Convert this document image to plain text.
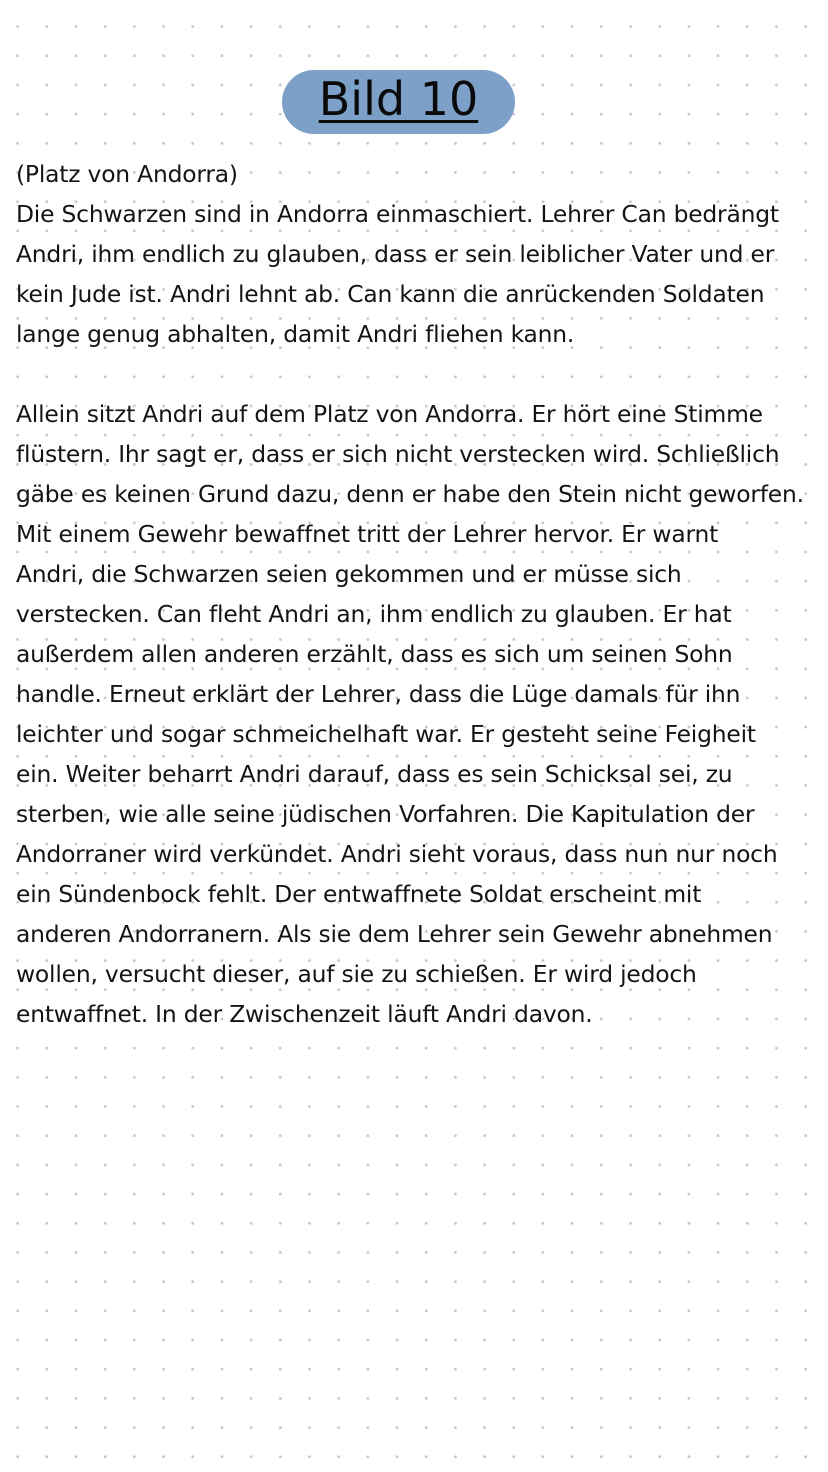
Bild 10
(Platz von Andorra)
Die Schwarzen sind in Andorra einmaschiert. Lehrer Can bedrängt
Andri, ihm endlich zu glauben, dass er sein leiblicher Vater und er
kein Jude ist. Andri lehnt ab. Can kann die anrückenden Soldaten
lange genug abhalten, damit Andri fliehen kann.
Allein sitzt Andri auf dem Platz von Andorra. Er hört eine Stimme
flüstern. Ihr sagt er, dass er sich nicht verstecken wird. Schließlich
gäbe es keinen Grund dazu, denn er habe den Stein nicht geworfen.
Mit einem Gewehr bewaffnet tritt der Lehrer hervor. Er warnt
Andri, die Schwarzen seien gekommen und er müsse sich
verstecken. Can fleht Andri an, ihm endlich zu glauben. Er hat
außerdem allen anderen erzählt, dass es sich um seinen Sohn
handle. Erneut erklärt der Lehrer, dass die Lüge damals für ihn
leichter und sogar schmeichelhaft war. Er gesteht seine Feigheit
ein. Weiter beharrt Andri darauf, dass es sein Schicksal sei, zu
sterben, wie alle seine jüdischen Vorfahren. Die Kapitulation der
Andorraner wird verkündet. Andri sieht voraus, dass nun nur noch
ein Sündenbock fehlt. Der entwaffnete Soldat erscheint mit
anderen Andorranern. Als sie dem Lehrer sein Gewehr abnehmen
wollen, versucht dieser, auf sie zu schießen. Er wird jedoch
entwaffnet. In der Zwischenzeit läuft Andri davon.
